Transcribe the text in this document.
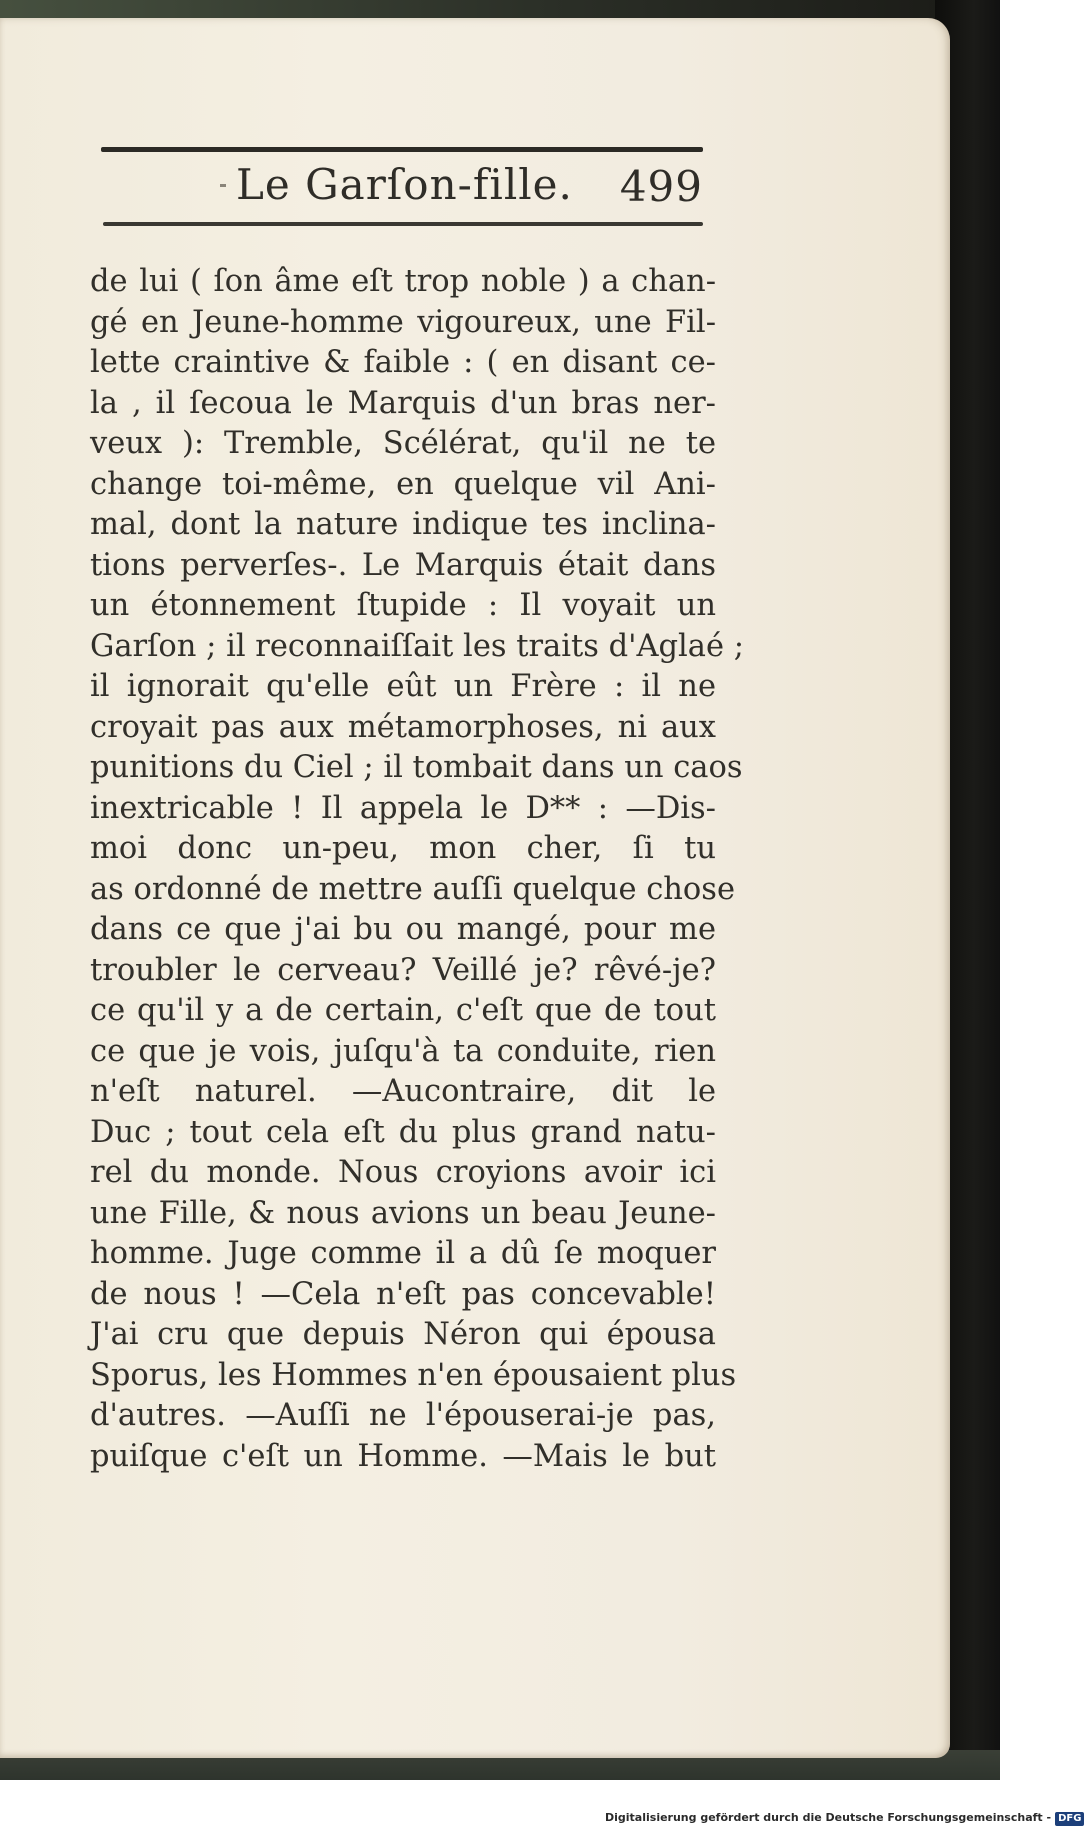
Le Garſon-fille. 499
de lui ( ſon âme eſt trop noble ) a chan-
gé en Jeune-homme vigoureux, une Fil-
lette craintive & faible : ( en disant ce-
la , il ſecoua le Marquis d'un bras ner-
veux ): Tremble, Scélérat, qu'il ne te
change toi-même, en quelque vil Ani-
mal, dont la nature indique tes inclina-
tions perverſes-. Le Marquis était dans
un étonnement ſtupide : Il voyait un
Garſon ; il reconnaiſſait les traits d'Aglaé ;
il ignorait qu'elle eût un Frère : il ne
croyait pas aux métamorphoses, ni aux
punitions du Ciel ; il tombait dans un caos
inextricable ! Il appela le D** : —Dis-
moi donc un-peu, mon cher, ſi tu
as ordonné de mettre auſſi quelque chose
dans ce que j'ai bu ou mangé, pour me
troubler le cerveau? Veillé je? rêvé-je?
ce qu'il y a de certain, c'eſt que de tout
ce que je vois, juſqu'à ta conduite, rien
n'eſt naturel. —Aucontraire, dit le
Duc ; tout cela eſt du plus grand natu-
rel du monde. Nous croyions avoir ici
une Fille, & nous avions un beau Jeune-
homme. Juge comme il a dû ſe moquer
de nous ! —Cela n'eſt pas concevable!
J'ai cru que depuis Néron qui épousa
Sporus, les Hommes n'en épousaient plus
d'autres. —Auſſi ne l'épouserai-je pas,
puiſque c'eſt un Homme. —Mais le but
Digitalisierung gefördert durch die Deutsche Forschungsgemeinschaft - DFG
